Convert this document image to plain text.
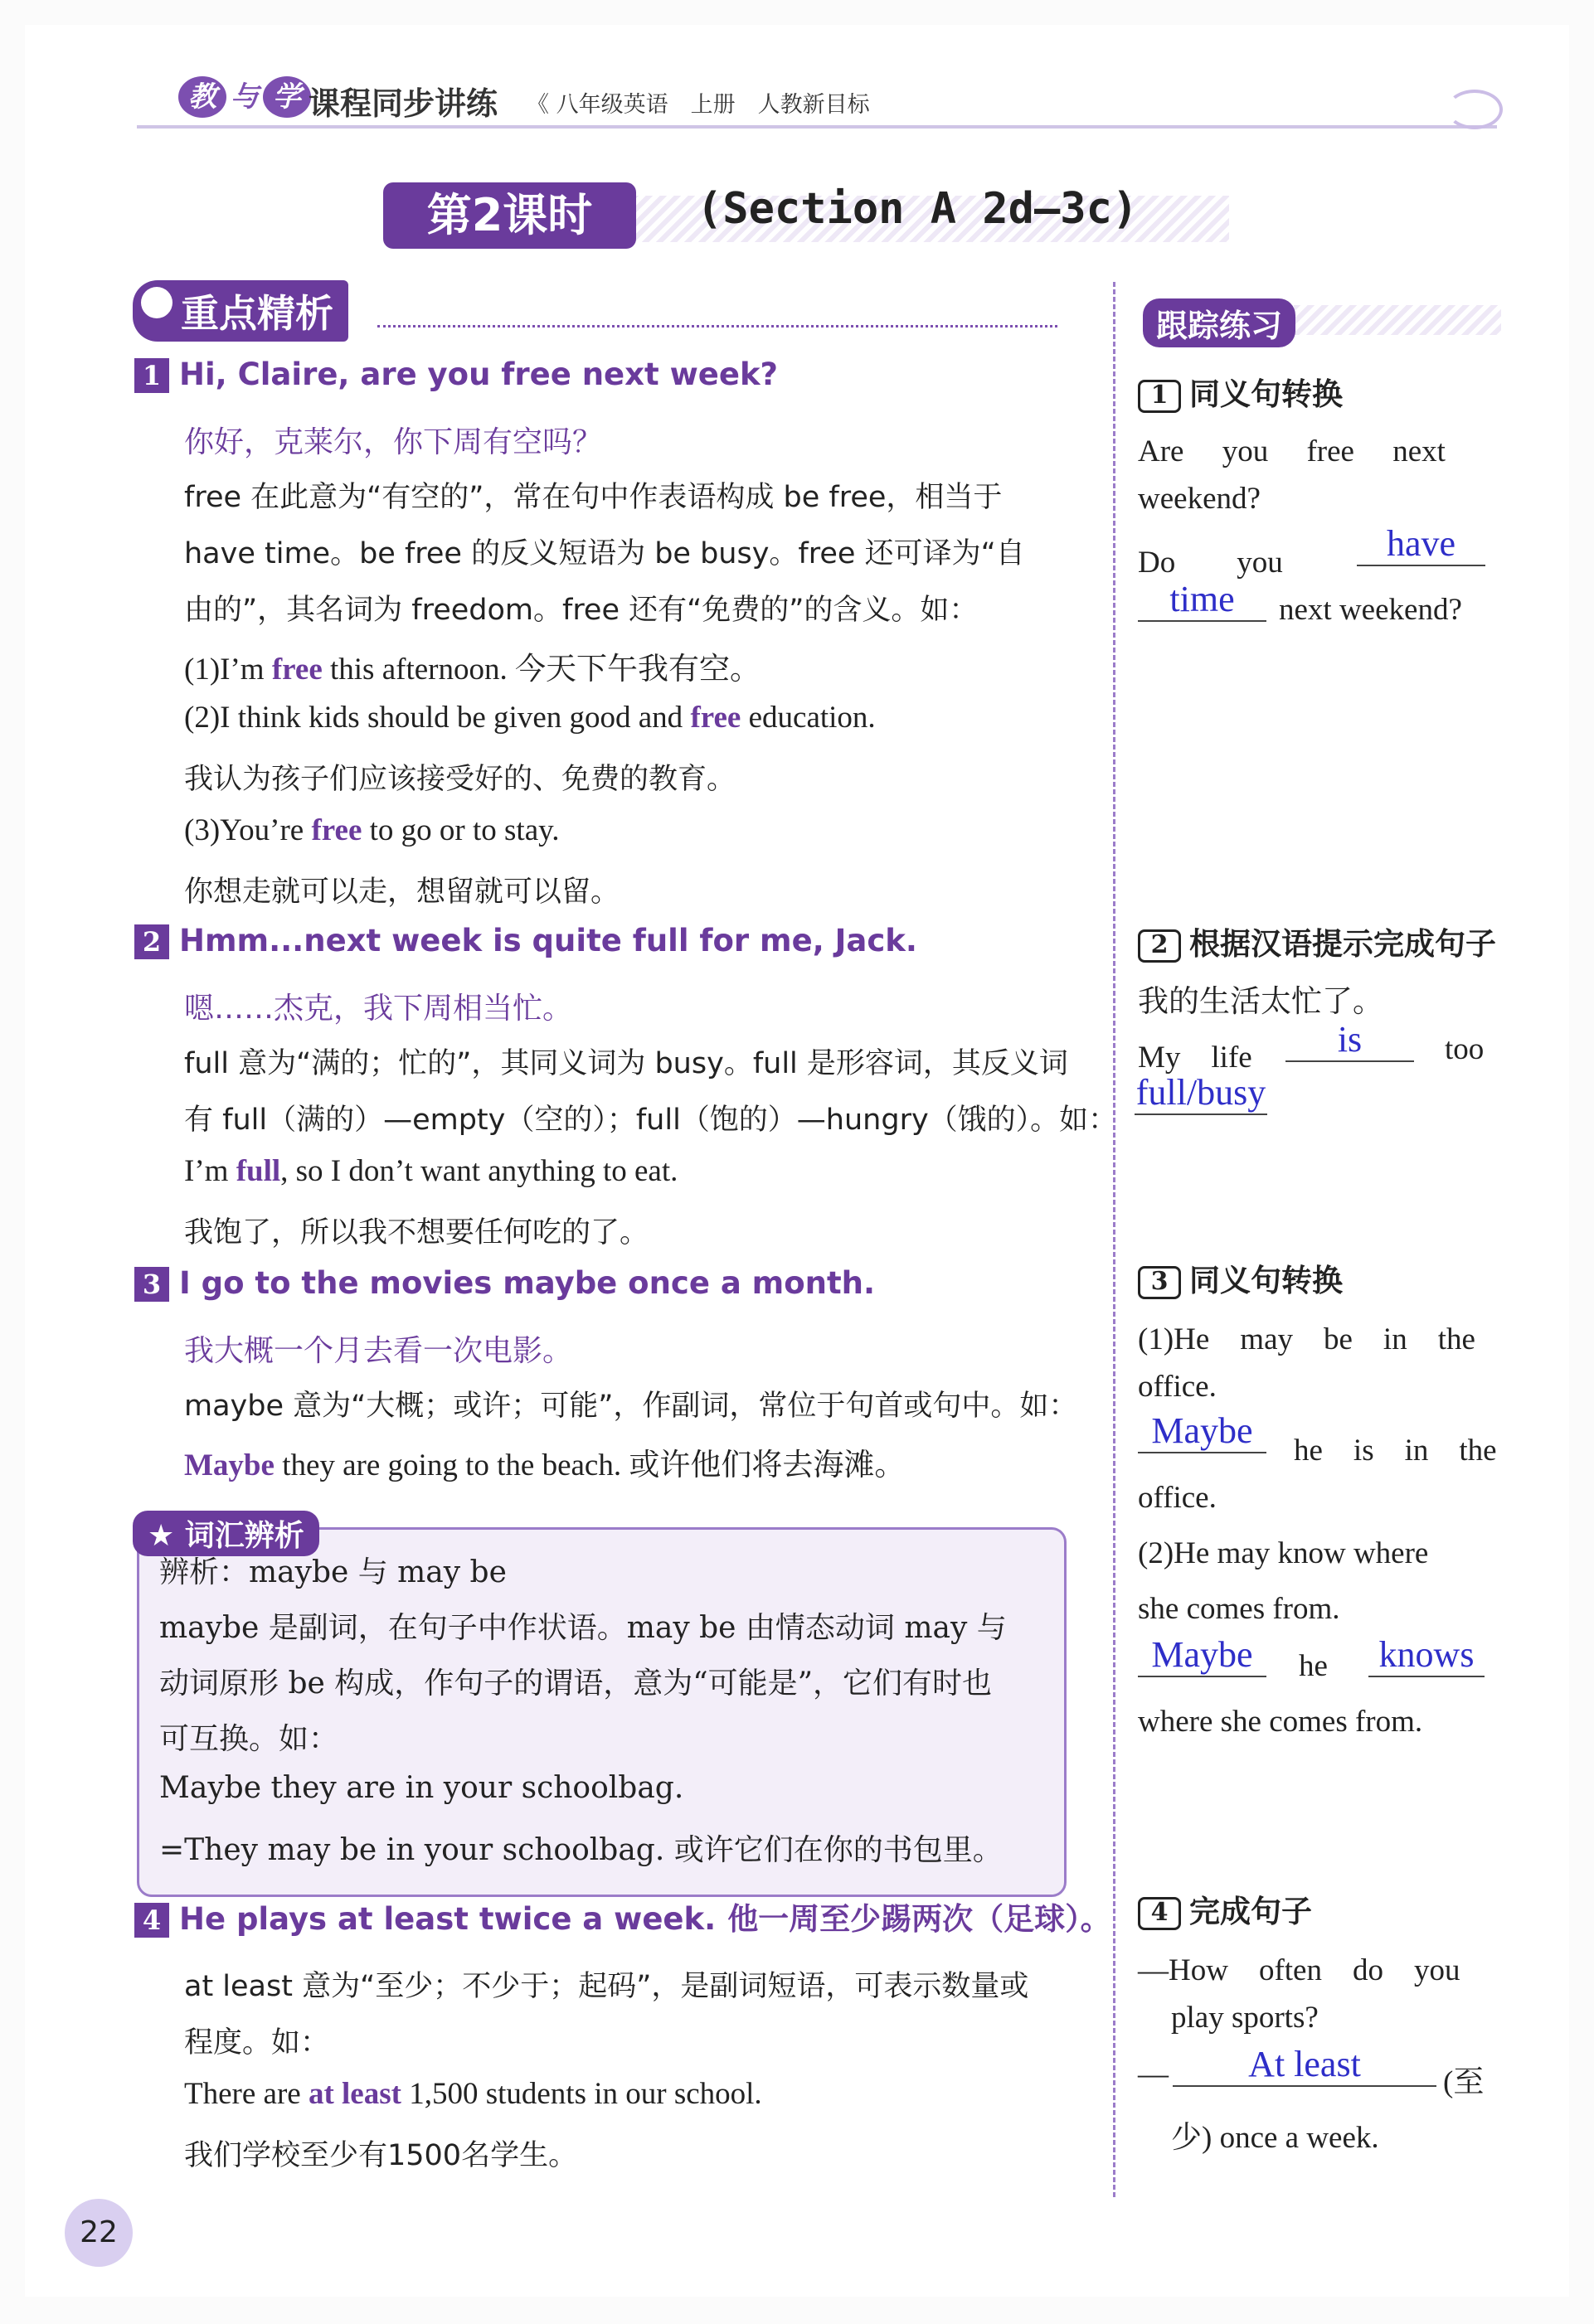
教 与 学 课程同步讲练 《 八年级英语　上册　人教新目标
第2课时	(Section A 2d—3c)
重点精析
1 Hi, Claire, are you free next week?
你好，克莱尔，你下周有空吗？
free 在此意为“有空的”，常在句中作表语构成 be free，相当于
have time。be free 的反义短语为 be busy。free 还可译为“自
由的”，其名词为 freedom。free 还有“免费的”的含义。如：
(1)I’m free this afternoon. 今天下午我有空。
(2)I think kids should be given good and free education.
我认为孩子们应该接受好的、免费的教育。
(3)You’re free to go or to stay.
你想走就可以走，想留就可以留。
2 Hmm...next week is quite full for me, Jack.
嗯……杰克，我下周相当忙。
full 意为“满的；忙的”，其同义词为 busy。full 是形容词，其反义词
有 full（满的）—empty（空的）；full（饱的）—hungry（饿的）。如：
I’m full, so I don’t want anything to eat.
我饱了，所以我不想要任何吃的了。
3 I go to the movies maybe once a month.
我大概一个月去看一次电影。
maybe 意为“大概；或许；可能”，作副词，常位于句首或句中。如：
Maybe they are going to the beach. 或许他们将去海滩。
★ 词汇辨析
辨析：maybe 与 may be
maybe 是副词，在句子中作状语。may be 由情态动词 may 与
动词原形 be 构成，作句子的谓语，意为“可能是”，它们有时也
可互换。如：
Maybe they are in your schoolbag.
=They may be in your schoolbag. 或许它们在你的书包里。
4 He plays at least twice a week. 他一周至少踢两次（足球）。
at least 意为“至少；不少于；起码”，是副词短语，可表示数量或
程度。如：
There are at least 1,500 students in our school.
我们学校至少有1500名学生。
跟踪练习
1 同义句转换
Are　 you　 free　 next
weekend?
Do　　you	have
time	next weekend?
2 根据汉语提示完成句子
我的生活太忙了。
My　life	is	too
full/busy
3 同义句转换
(1)He　may　be　in　the
office.
Maybe	he　is　in　the
office.
(2)He may know where
she comes from.
Maybe	he knows
where she comes from.
4 完成句子
—How　often　do　you
play sports?
—	At least	(至
少) once a week.
22
